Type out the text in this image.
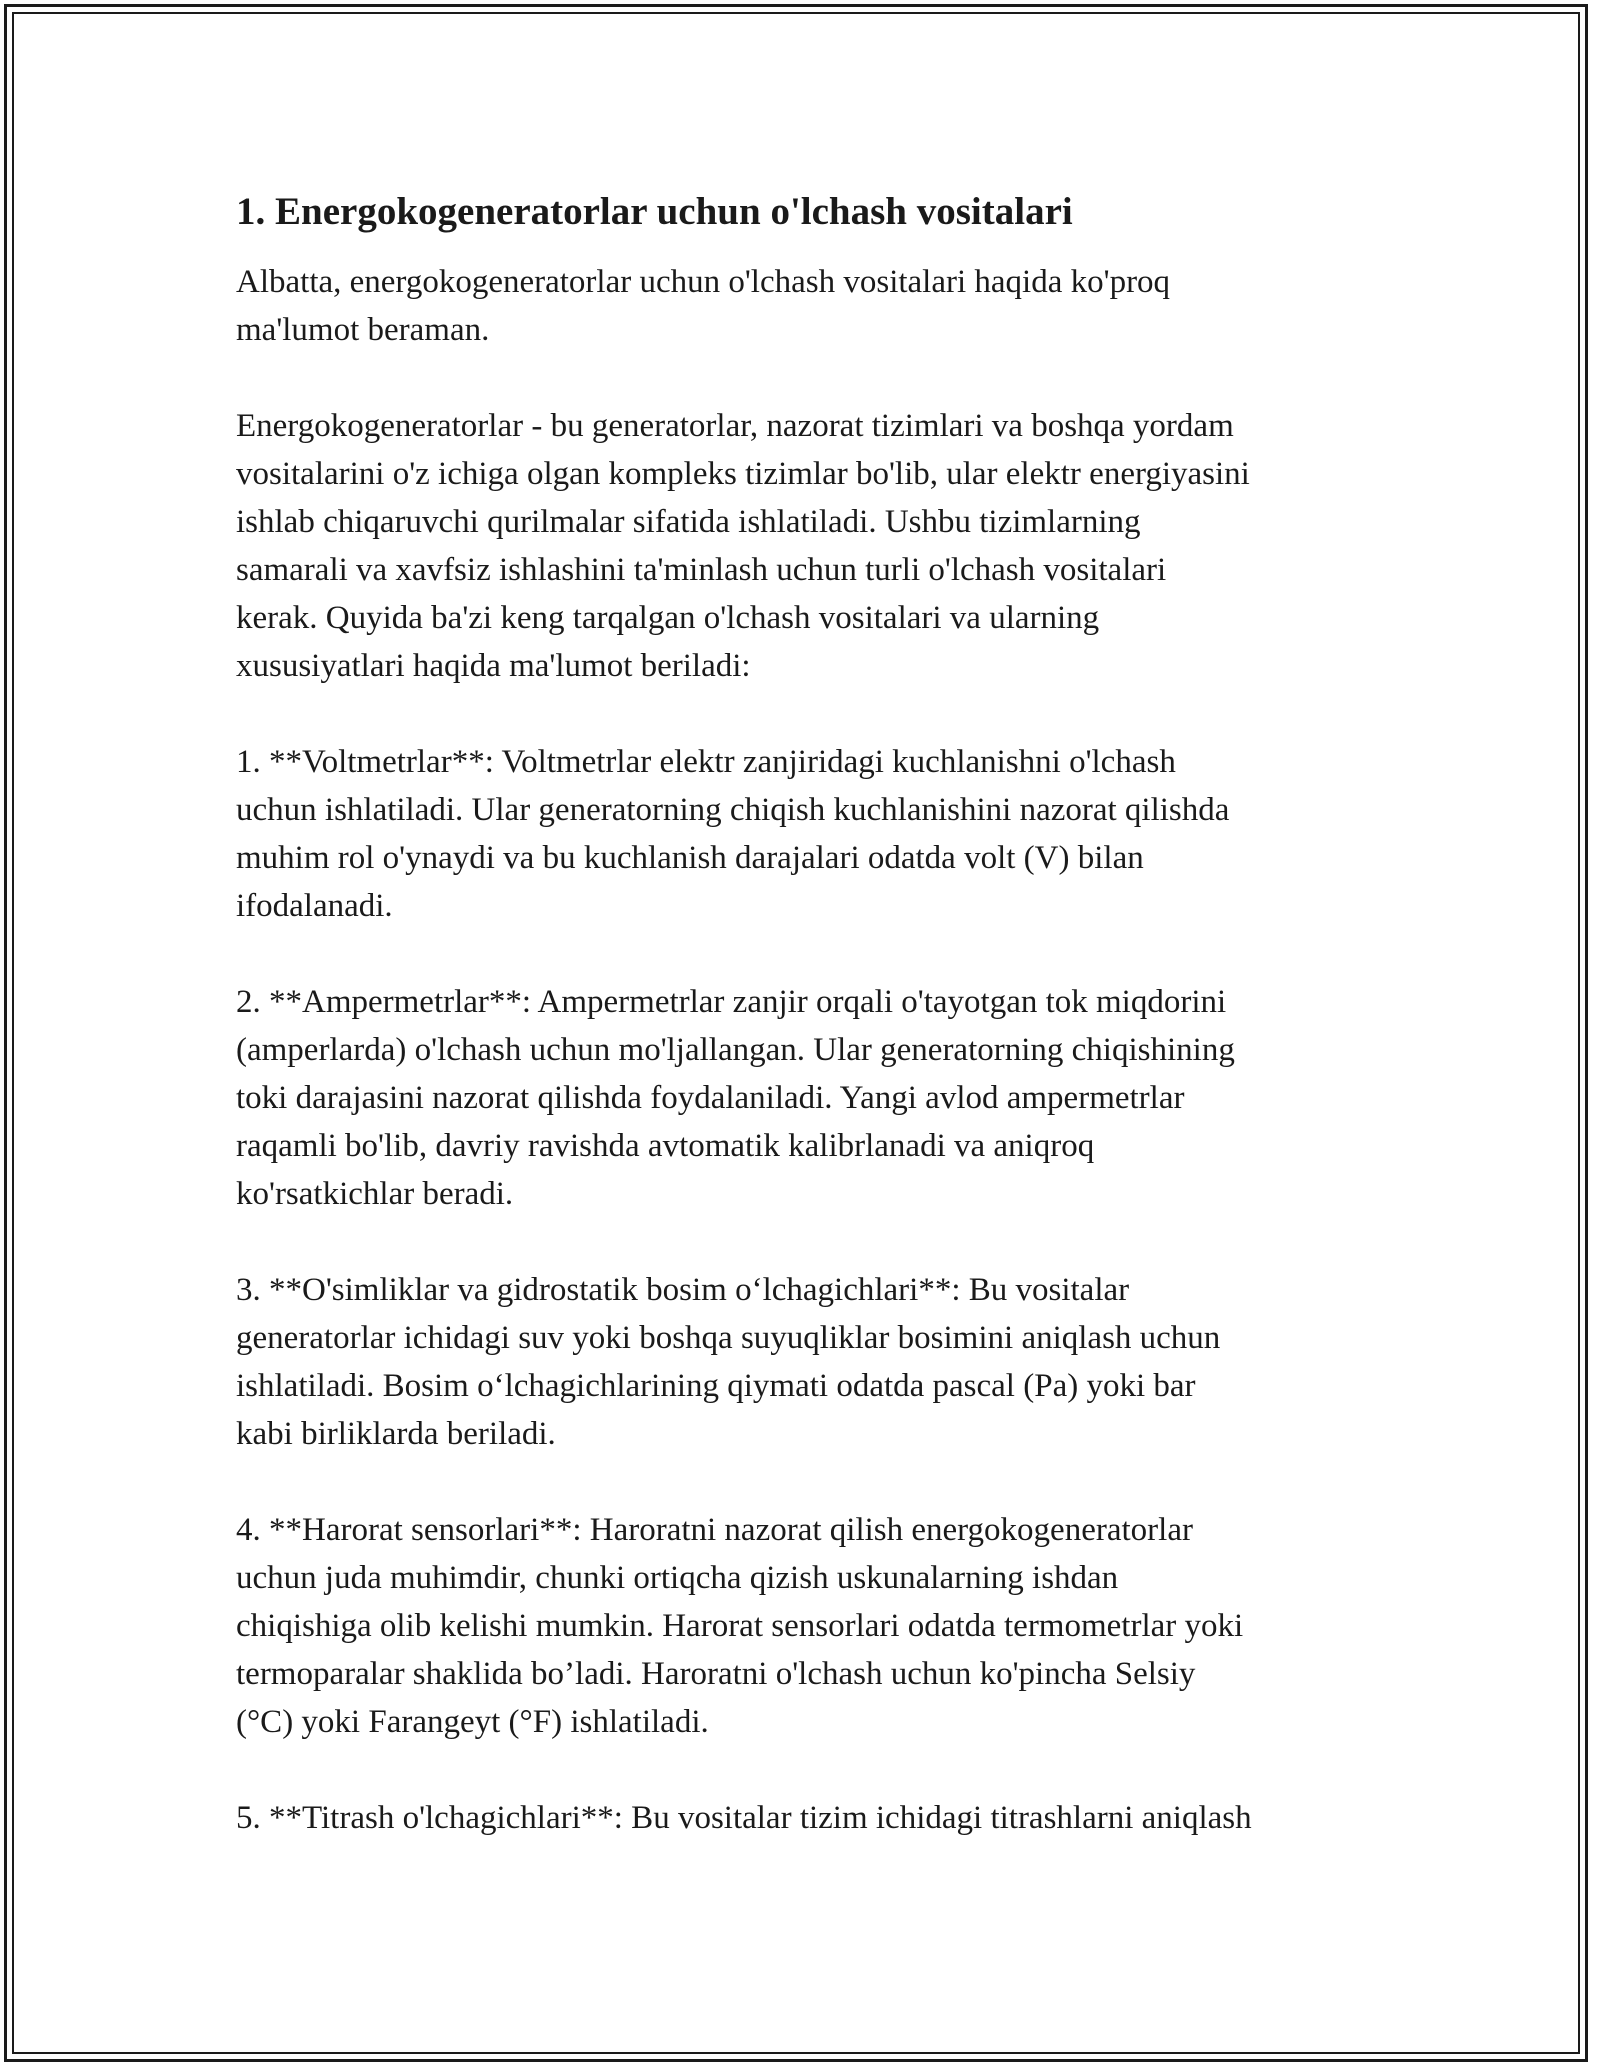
1. Energokogeneratorlar uchun o'lchash vositalari

Albatta, energokogeneratorlar uchun o'lchash vositalari haqida ko'proq
ma'lumot beraman.

Energokogeneratorlar - bu generatorlar, nazorat tizimlari va boshqa yordam
vositalarini o'z ichiga olgan kompleks tizimlar bo'lib, ular elektr energiyasini
ishlab chiqaruvchi qurilmalar sifatida ishlatiladi. Ushbu tizimlarning
samarali va xavfsiz ishlashini ta'minlash uchun turli o'lchash vositalari
kerak. Quyida ba'zi keng tarqalgan o'lchash vositalari va ularning
xususiyatlari haqida ma'lumot beriladi:

1. **Voltmetrlar**: Voltmetrlar elektr zanjiridagi kuchlanishni o'lchash
uchun ishlatiladi. Ular generatorning chiqish kuchlanishini nazorat qilishda
muhim rol o'ynaydi va bu kuchlanish darajalari odatda volt (V) bilan
ifodalanadi.

2. **Ampermetrlar**: Ampermetrlar zanjir orqali o'tayotgan tok miqdorini
(amperlarda) o'lchash uchun mo'ljallangan. Ular generatorning chiqishining
toki darajasini nazorat qilishda foydalaniladi. Yangi avlod ampermetrlar
raqamli bo'lib, davriy ravishda avtomatik kalibrlanadi va aniqroq
ko'rsatkichlar beradi.

3. **O'simliklar va gidrostatik bosim o‘lchagichlari**: Bu vositalar
generatorlar ichidagi suv yoki boshqa suyuqliklar bosimini aniqlash uchun
ishlatiladi. Bosim o‘lchagichlarining qiymati odatda pascal (Pa) yoki bar
kabi birliklarda beriladi.

4. **Harorat sensorlari**: Haroratni nazorat qilish energokogeneratorlar
uchun juda muhimdir, chunki ortiqcha qizish uskunalarning ishdan
chiqishiga olib kelishi mumkin. Harorat sensorlari odatda termometrlar yoki
termoparalar shaklida bo’ladi. Haroratni o'lchash uchun ko'pincha Selsiy
(°C) yoki Farangeyt (°F) ishlatiladi.

5. **Titrash o'lchagichlari**: Bu vositalar tizim ichidagi titrashlarni aniqlash
